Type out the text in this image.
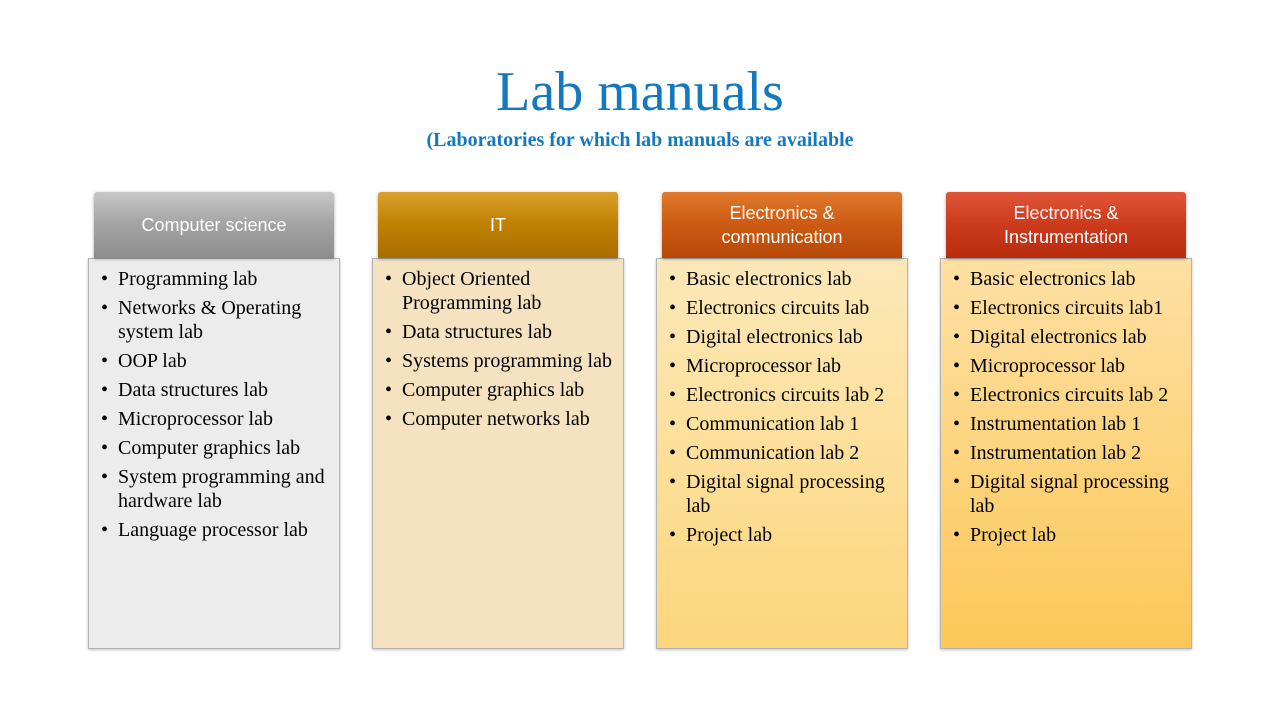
Lab manuals
(Laboratories for which lab manuals are available
Computer science
• Programming lab
• Networks & Operating system lab
• OOP lab
• Data structures lab
• Microprocessor lab
• Computer graphics lab
• System programming and hardware lab
• Language processor lab
IT
• Object Oriented Programming lab
• Data structures lab
• Systems programming lab
• Computer graphics lab
• Computer networks lab
Electronics & communication
• Basic electronics lab
• Electronics circuits lab
• Digital electronics lab
• Microprocessor lab
• Electronics circuits lab 2
• Communication lab 1
• Communication lab 2
• Digital signal processing lab
• Project lab
Electronics & Instrumentation
• Basic electronics lab
• Electronics circuits lab1
• Digital electronics lab
• Microprocessor lab
• Electronics circuits lab 2
• Instrumentation lab 1
• Instrumentation lab 2
• Digital signal processing lab
• Project lab
